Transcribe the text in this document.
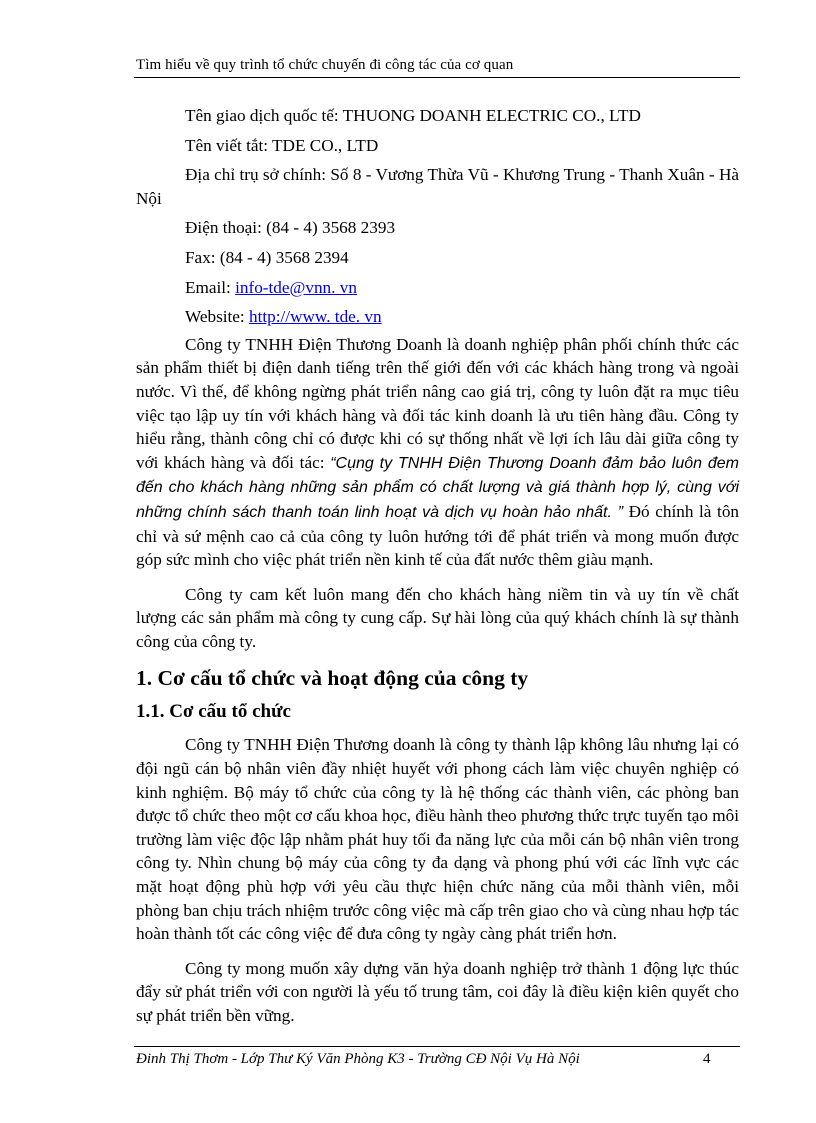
Tìm hiểu về quy trình tổ chức chuyến đi công tác của cơ quan

Tên giao dịch quốc tế: THUONG DOANH ELECTRIC CO., LTD

Tên viết tắt: TDE CO., LTD

Địa chỉ trụ sở chính: Số 8 - Vương Thừa Vũ - Khương Trung - Thanh Xuân - Hà Nội

Điện thoại: (84 - 4) 3568 2393

Fax: (84 - 4) 3568 2394

Email: info-tde@vnn. vn

Website: http://www. tde. vn

Công ty TNHH Điện Thương Doanh là doanh nghiệp phân phối chính thức các sản phẩm thiết bị điện danh tiếng trên thế giới đến với các khách hàng trong và ngoài nước. Vì thế, để không ngừng phát triển nâng cao giá trị, công ty luôn đặt ra mục tiêu việc tạo lập uy tín với khách hàng và đối tác kinh doanh là ưu tiên hàng đầu. Công ty hiểu rằng, thành công chỉ có được khi có sự thống nhất về lợi ích lâu dài giữa công ty với khách hàng và đối tác: “Cụng ty TNHH Điện Thương Doanh đảm bảo luôn đem đến cho khách hàng những sản phẩm có chất lượng và giá thành hợp lý, cùng với những chính sách thanh toán linh hoạt và dịch vụ hoàn hảo nhất. ” Đó chính là tôn chỉ và sứ mệnh cao cả của công ty luôn hướng tới để phát triển và mong muốn được góp sức mình cho việc phát triển nền kinh tế của đất nước thêm giàu mạnh.

Công ty cam kết luôn mang đến cho khách hàng niềm tin và uy tín về chất lượng các sản phẩm mà công ty cung cấp. Sự hài lòng của quý khách chính là sự thành công của công ty.

1. Cơ cấu tổ chức và hoạt động của công ty
1.1. Cơ cấu tổ chức

Công ty TNHH Điện Thương doanh là công ty thành lập không lâu nhưng lại có đội ngũ cán bộ nhân viên đầy nhiệt huyết với phong cách làm việc chuyên nghiệp có kinh nghiệm. Bộ máy tổ chức của công ty là hệ thống các thành viên, các phòng ban được tổ chức theo một cơ cấu khoa học, điều hành theo phương thức trực tuyến tạo môi trường làm việc độc lập nhằm phát huy tối đa năng lực của mỗi cán bộ nhân viên trong công ty. Nhìn chung bộ máy của công ty đa dạng và phong phú với các lĩnh vực các mặt hoạt động phù hợp với yêu cầu thực hiện chức năng của mỗi thành viên, mỗi phòng ban chịu trách nhiệm trước công việc mà cấp trên giao cho và cùng nhau hợp tác hoàn thành tốt các công việc để đưa công ty ngày càng phát triển hơn.

Công ty mong muốn xây dựng văn hỷa doanh nghiệp trở thành 1 động lực thúc đẩy sử phát triển với con người là yếu tố trung tâm, coi đây là điều kiện kiên quyết cho sự phát triển bền vững.

Đinh Thị Thơm - Lớp Thư Ký Văn Phòng K3 - Trường CĐ Nội Vụ Hà Nội	4
